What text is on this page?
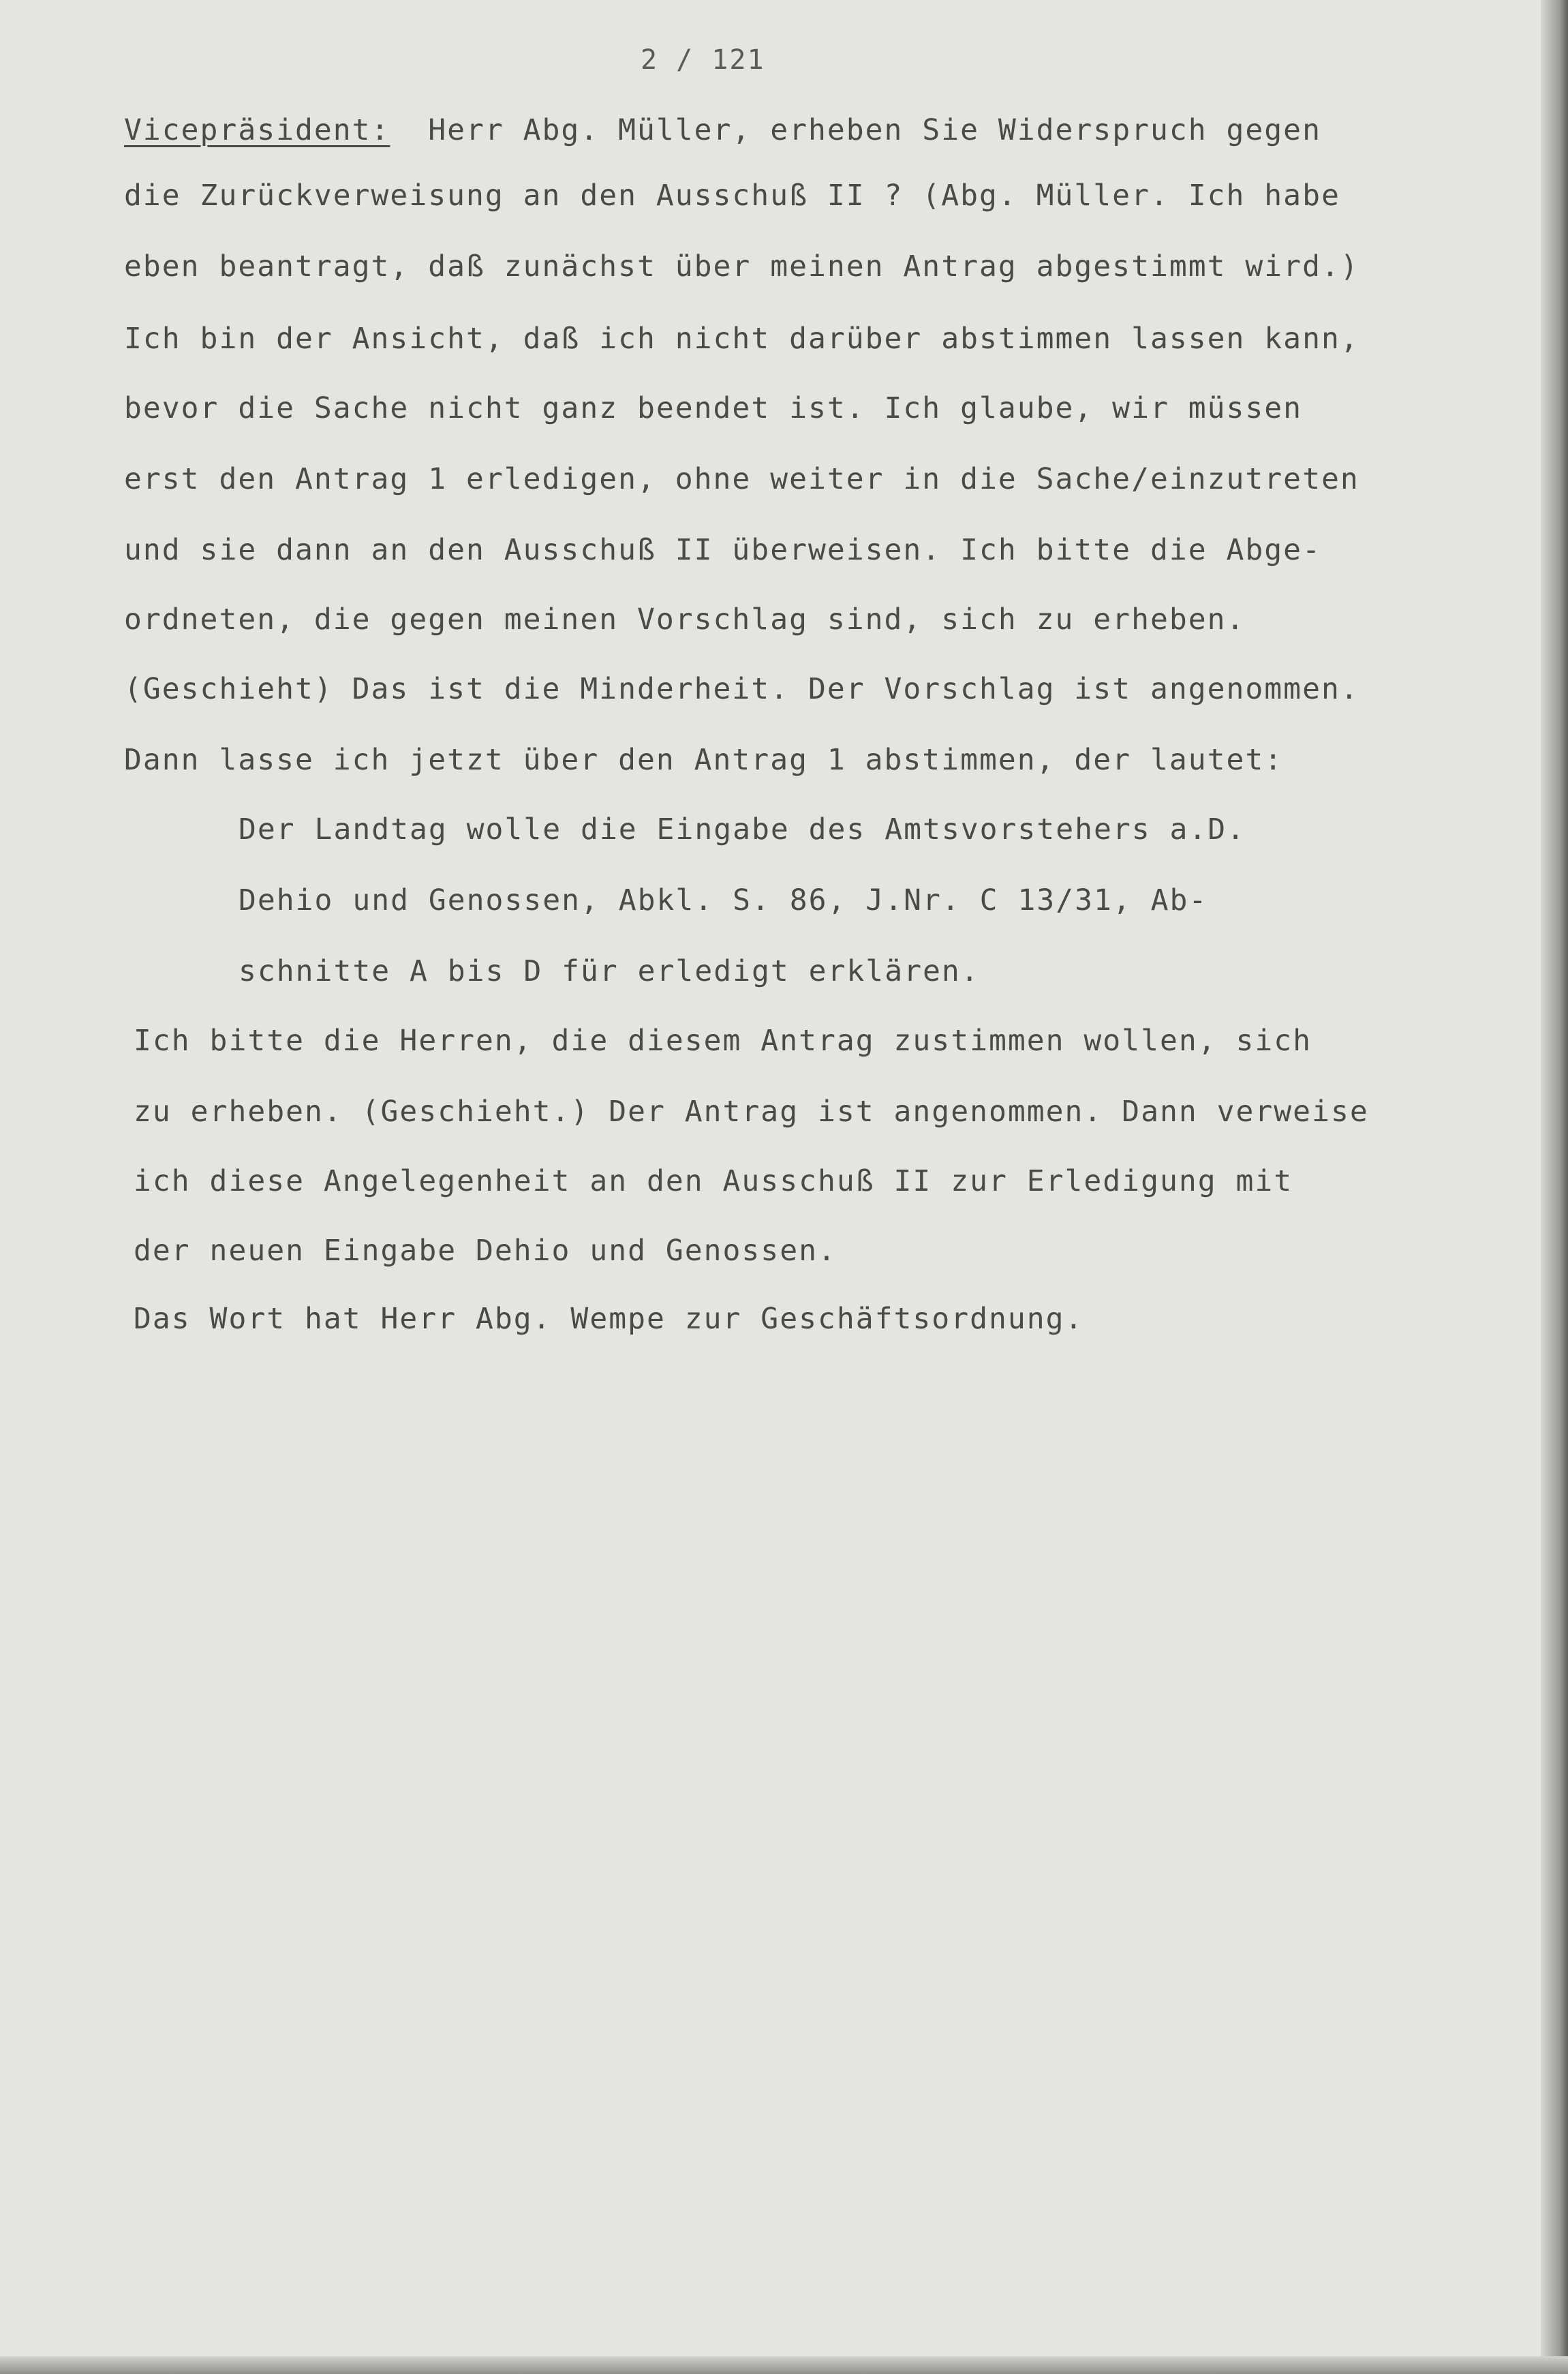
2 / 121
Vicepräsident: Herr Abg. Müller, erheben Sie Widerspruch gegen
die Zurückverweisung an den Ausschuß II ? (Abg. Müller. Ich habe
eben beantragt, daß zunächst über meinen Antrag abgestimmt wird.)
Ich bin der Ansicht, daß ich nicht darüber abstimmen lassen kann,
bevor die Sache nicht ganz beendet ist. Ich glaube, wir müssen
erst den Antrag 1 erledigen, ohne weiter in die Sache/einzutreten
und sie dann an den Ausschuß II überweisen. Ich bitte die Abge-
ordneten, die gegen meinen Vorschlag sind, sich zu erheben.
(Geschieht) Das ist die Minderheit. Der Vorschlag ist angenommen.
Dann lasse ich jetzt über den Antrag 1 abstimmen, der lautet:
Der Landtag wolle die Eingabe des Amtsvorstehers a.D.
Dehio und Genossen, Abkl. S. 86, J.Nr. C 13/31, Ab-
schnitte A bis D für erledigt erklären.
Ich bitte die Herren, die diesem Antrag zustimmen wollen, sich
zu erheben. (Geschieht.) Der Antrag ist angenommen. Dann verweise
ich diese Angelegenheit an den Ausschuß II zur Erledigung mit
der neuen Eingabe Dehio und Genossen.
Das Wort hat Herr Abg. Wempe zur Geschäftsordnung.
